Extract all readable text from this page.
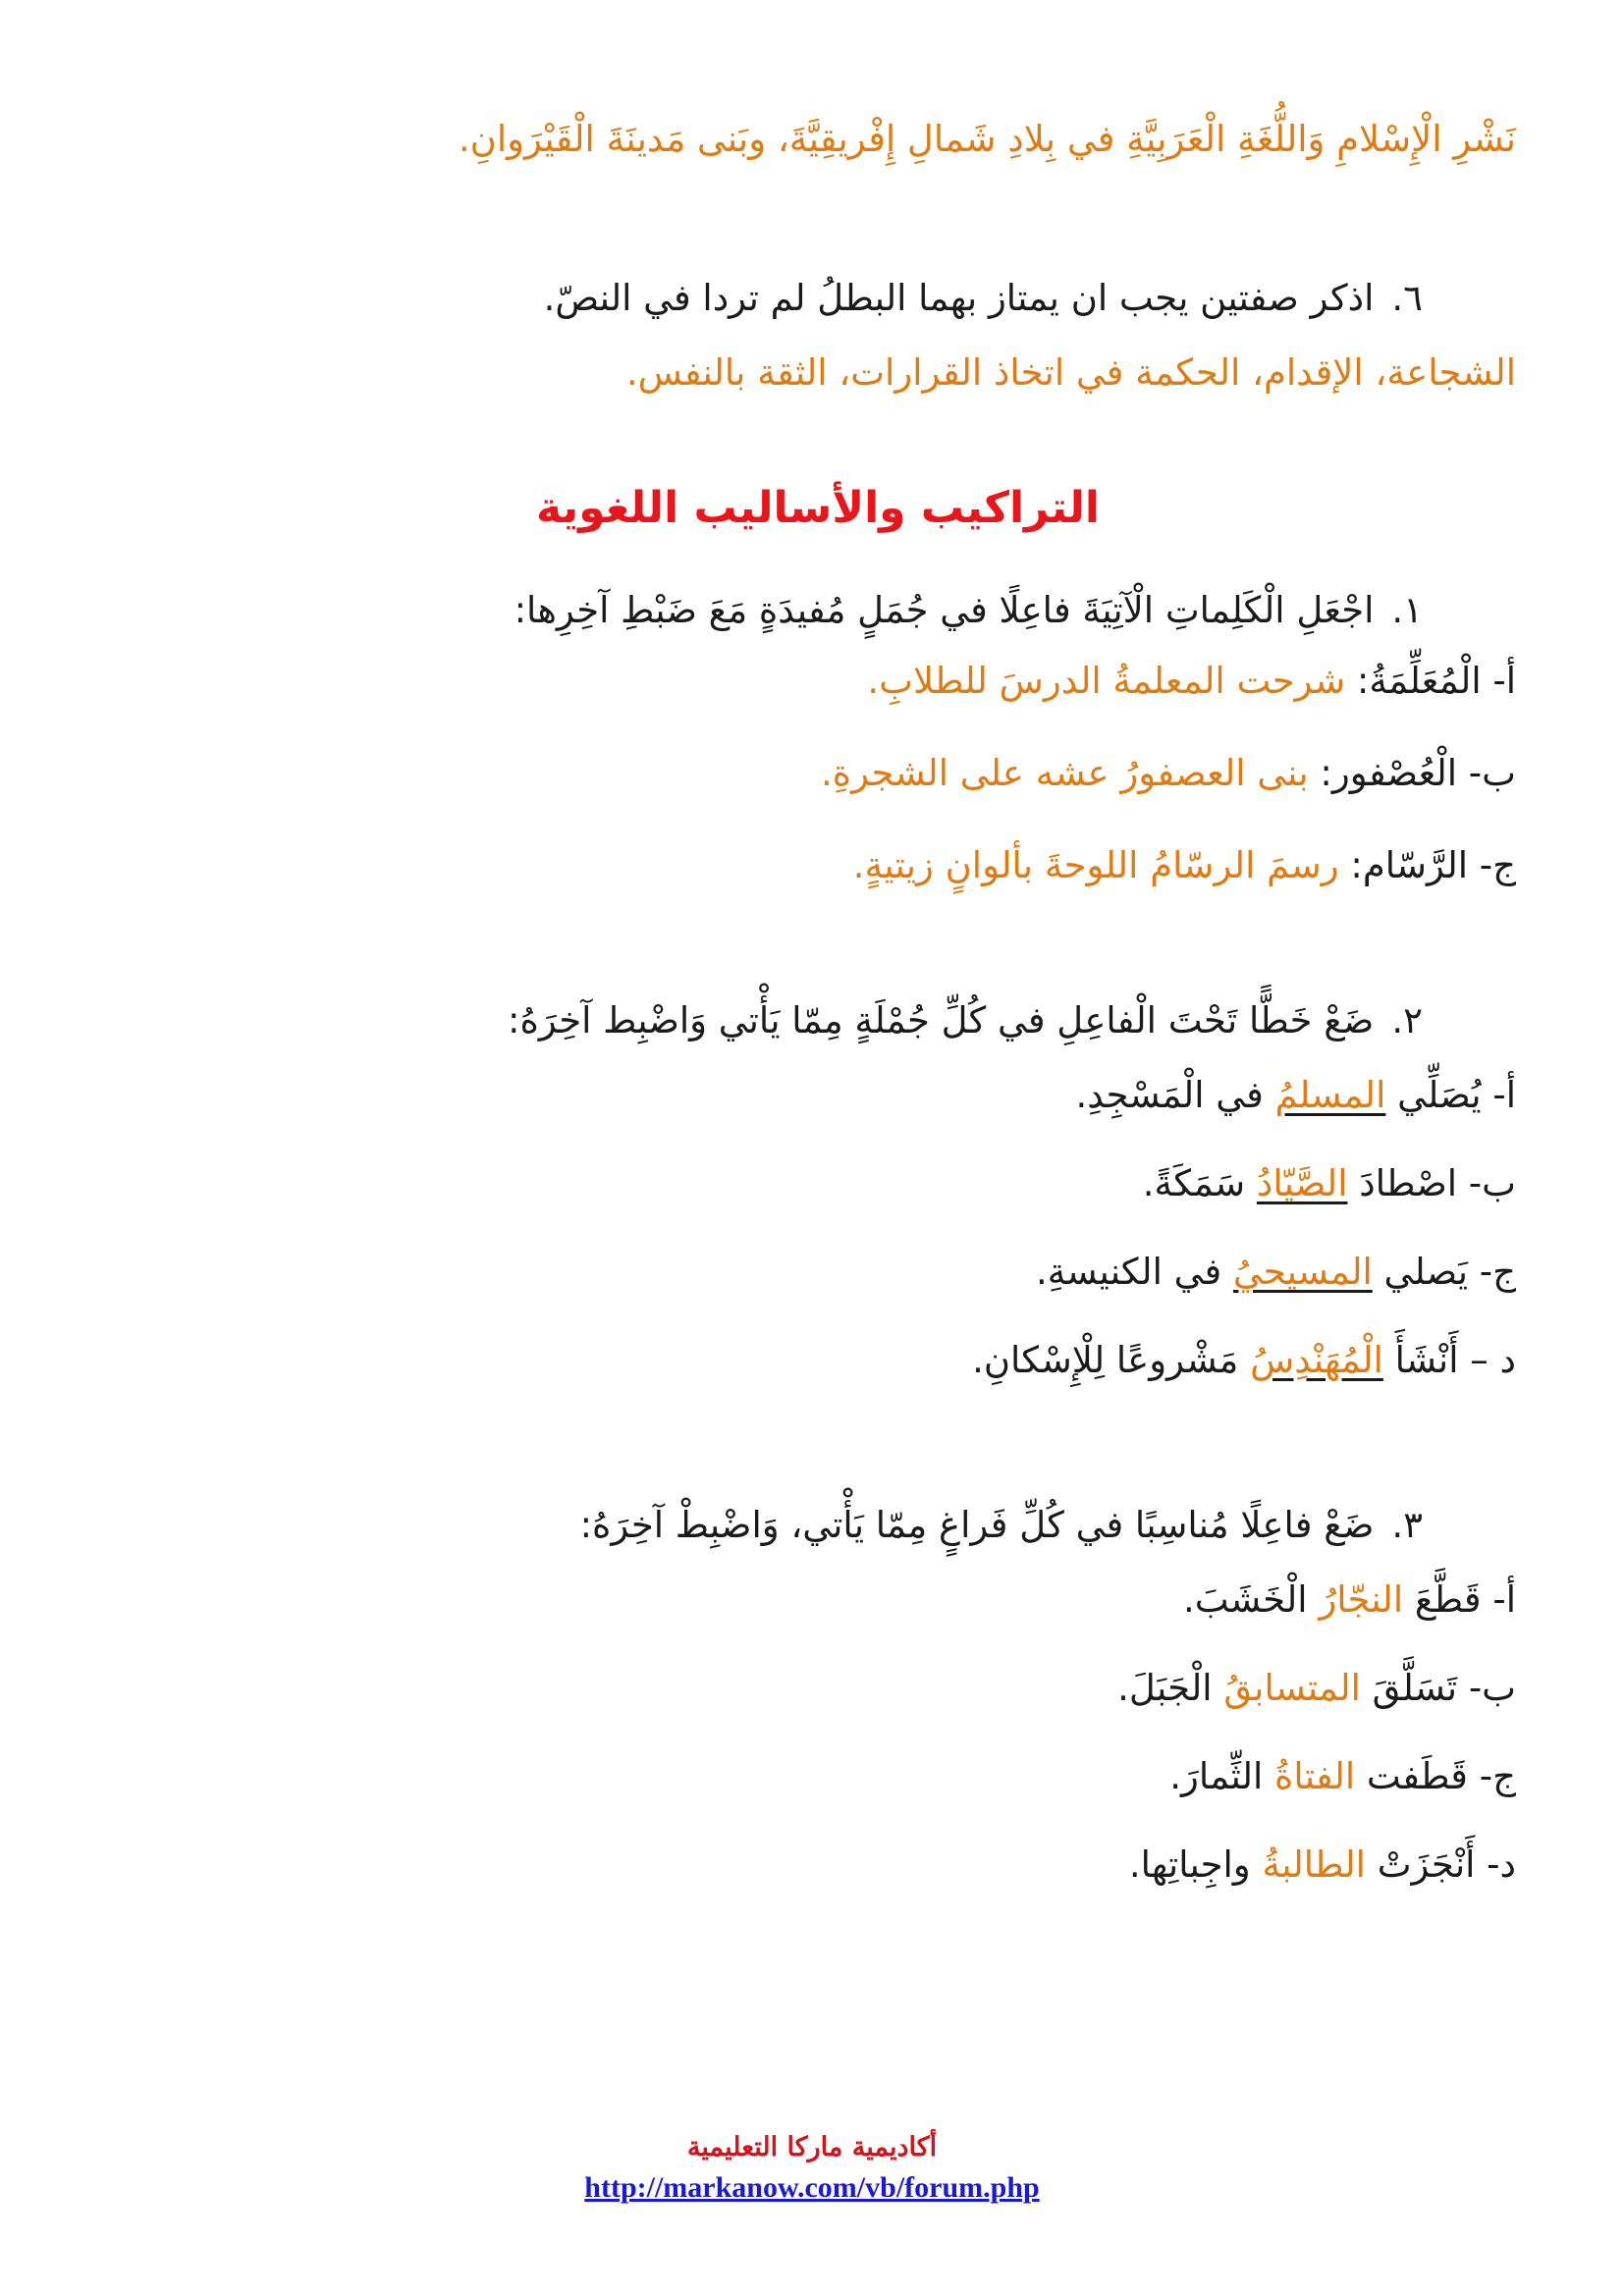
نَشْرِ الْإِسْلامِ وَاللُّغَةِ الْعَرَبِيَّةِ في بِلادِ شَمالِ إِفْريقِيَّةَ، وبَنى مَدينَةَ الْقَيْرَوانِ.
٦.اذكر صفتين يجب ان يمتاز بهما البطلُ لم تردا في النصّ.
الشجاعة، الإقدام، الحكمة في اتخاذ القرارات، الثقة بالنفس.
التراكيب والأساليب اللغوية
١.اجْعَلِ الْكَلِماتِ الْآتِيَةَ فاعِلًا في جُمَلٍ مُفيدَةٍ مَعَ ضَبْطِ آخِرِها:
أ- الْمُعَلِّمَةُ: شرحت المعلمةُ الدرسَ للطلابِ.
ب- الْعُصْفور: بنى العصفورُ عشه على الشجرةِ.
ج- الرَّسّام: رسمَ الرسّامُ اللوحةَ بألوانٍ زيتيةٍ.
٢.ضَعْ خَطًّا تَحْتَ الْفاعِلِ في كُلِّ جُمْلَةٍ مِمّا يَأْتي وَاضْبِط آخِرَهُ:
أ- يُصَلِّي المسلمُ في الْمَسْجِدِ.
ب- اصْطادَ الصَّيّادُ سَمَكَةً.
ج- يَصلي المسيحيُ في الكنيسةِ.
د – أَنْشَأَ الْمُهَنْدِسُ مَشْروعًا لِلْإِسْكانِ.
٣.ضَعْ فاعِلًا مُناسِبًا في كُلِّ فَراغٍ مِمّا يَأْتي، وَاضْبِطْ آخِرَهُ:
أ- قَطَّعَ النجّارُ الْخَشَبَ.
ب- تَسَلَّقَ المتسابقُ الْجَبَلَ.
ج- قَطَفت الفتاةُ الثِّمارَ.
د- أَنْجَزَتْ الطالبةُ واجِباتِها.
أكاديمية ماركا التعليمية
http://markanow.com/vb/forum.php
